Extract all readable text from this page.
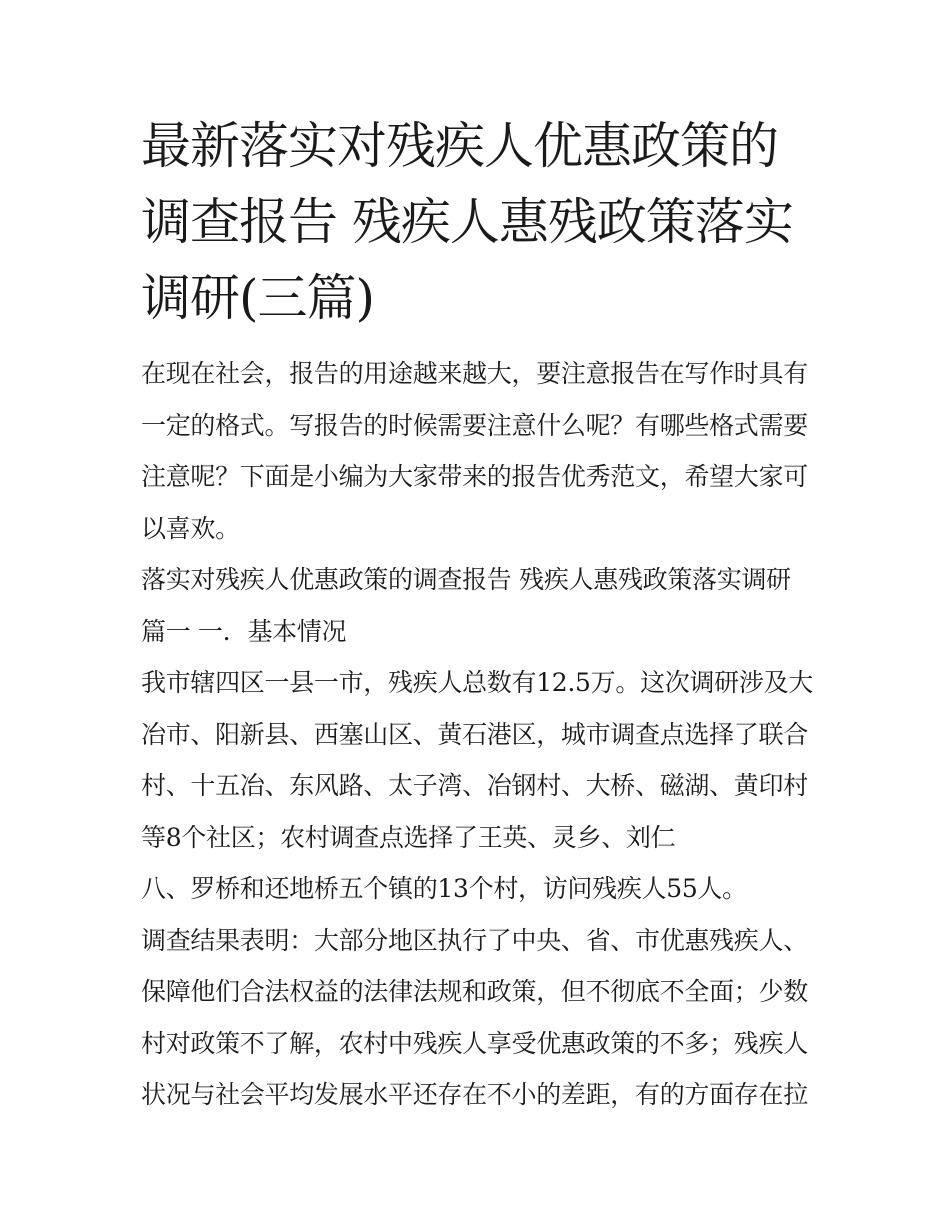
最新落实对残疾人优惠政策的
调查报告 残疾人惠残政策落实
调研(三篇)
在现在社会，报告的用途越来越大，要注意报告在写作时具有
一定的格式。写报告的时候需要注意什么呢？有哪些格式需要
注意呢？下面是小编为大家带来的报告优秀范文，希望大家可
以喜欢。
落实对残疾人优惠政策的调查报告 残疾人惠残政策落实调研
篇一 一．基本情况
我市辖四区一县一市，残疾人总数有12.5万。这次调研涉及大
冶市、阳新县、西塞山区、黄石港区，城市调查点选择了联合
村、十五冶、东风路、太子湾、冶钢村、大桥、磁湖、黄印村
等8个社区；农村调查点选择了王英、灵乡、刘仁
八、罗桥和还地桥五个镇的13个村，访问残疾人55人。
调查结果表明：大部分地区执行了中央、省、市优惠残疾人、
保障他们合法权益的法律法规和政策，但不彻底不全面；少数
村对政策不了解，农村中残疾人享受优惠政策的不多；残疾人
状况与社会平均发展水平还存在不小的差距，有的方面存在拉
